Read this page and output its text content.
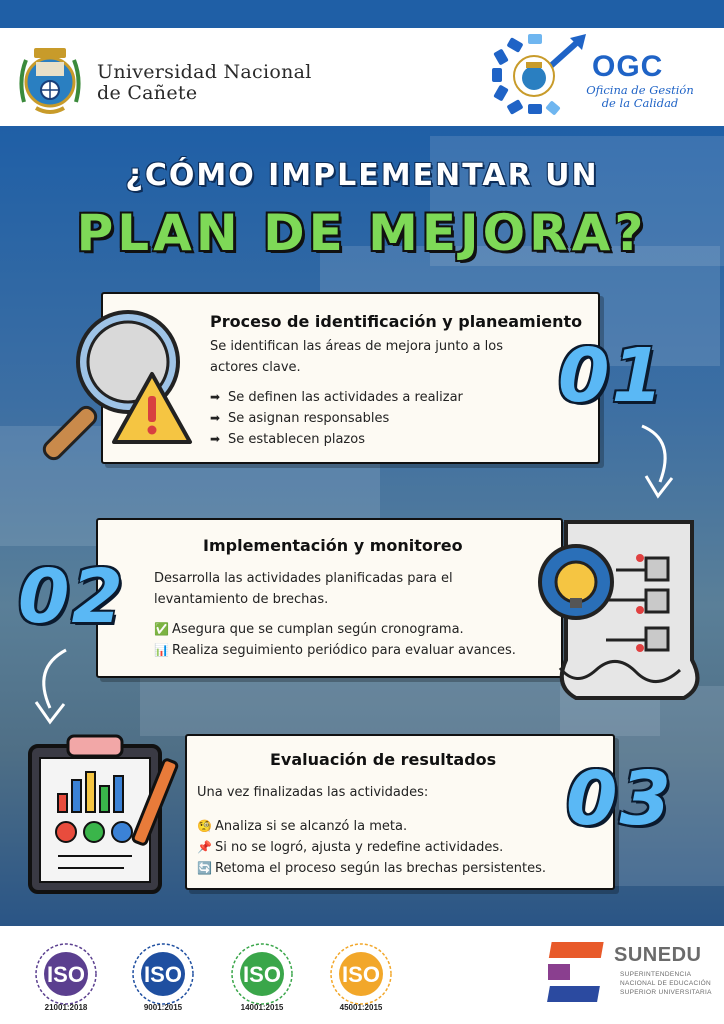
Universidad Nacional
de Cañete
OGC
Oficina de Gestión
de la Calidad
¿CÓMO IMPLEMENTAR UN
PLAN DE MEJORA?
Proceso de identificación y planeamiento

Se identifican las áreas de mejora junto a los actores clave.

➡ Se definen las actividades a realizar
➡ Se asignan responsables
➡ Se establecen plazos
01
Implementación y monitoreo

Desarrolla las actividades planificadas para el levantamiento de brechas.

✅ Asegura que se cumplan según cronograma.
📊 Realiza seguimiento periódico para evaluar avances.
02
Evaluación de resultados

Una vez finalizadas las actividades:

🧐 Analiza si se alcanzó la meta.
📌 Si no se logró, ajusta y redefine actividades.
🔄 Retoma el proceso según las brechas persistentes.
03
ISO
21001:2018
ISO
9001:2015
ISO
14001:2015
ISO
45001:2015
SUNEDU
SUPERINTENDENCIA
NACIONAL DE EDUCACIÓN
SUPERIOR UNIVERSITARIA
